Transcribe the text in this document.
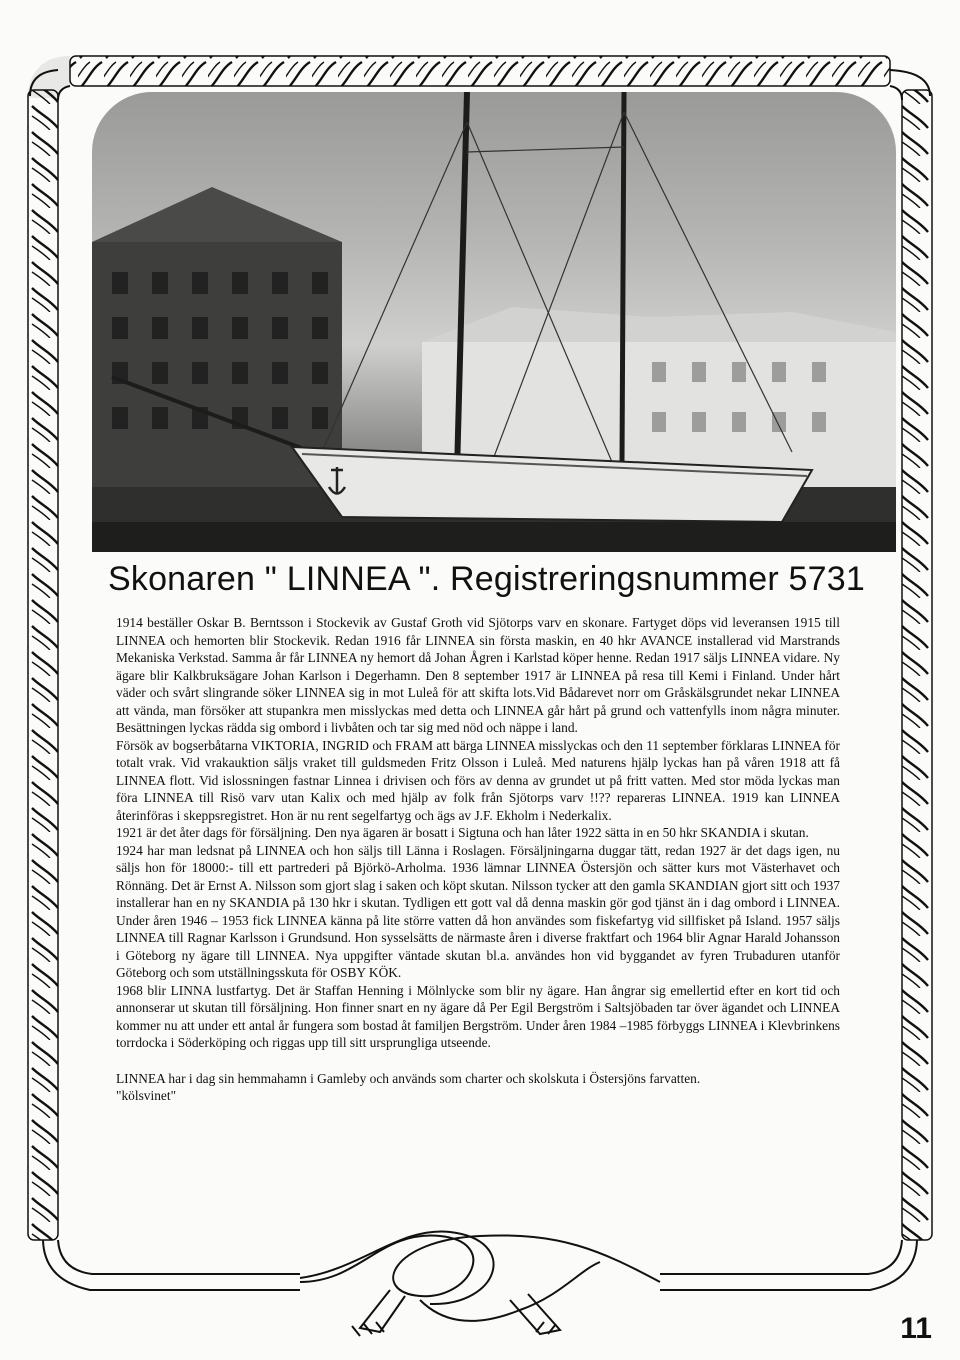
Skonaren " LINNEA ". Registreringsnummer 5731

1914 beställer Oskar B. Berntsson i Stockevik av Gustaf Groth vid Sjötorps varv en skonare. Fartyget döps vid leveransen 1915 till LINNEA och hemorten blir Stockevik. Redan 1916 får LINNEA sin första maskin, en 40 hkr AVANCE installerad vid Marstrands Mekaniska Verkstad. Samma år får LINNEA ny hemort då Johan Ågren i Karlstad köper henne. Redan 1917 säljs LINNEA vidare. Ny ägare blir Kalkbruksägare Johan Karlson i Degerhamn. Den 8 september 1917 är LINNEA på resa till Kemi i Finland. Under hårt väder och svårt slingrande söker LINNEA sig in mot Luleå för att skifta lots.Vid Bådarevet norr om Gråskälsgrundet nekar LINNEA att vända, man försöker att stupankra men misslyckas med detta och LINNEA går hårt på grund och vattenfylls inom några minuter. Besättningen lyckas rädda sig ombord i livbåten och tar sig med nöd och näppe i land.

Försök av bogserbåtarna VIKTORIA, INGRID och FRAM att bärga LINNEA misslyckas och den 11 september förklaras LINNEA för totalt vrak. Vid vrakauktion säljs vraket till guldsmeden Fritz Olsson i Luleå. Med naturens hjälp lyckas han på våren 1918 att få LINNEA flott. Vid islossningen fastnar Linnea i drivisen och förs av denna av grundet ut på fritt vatten. Med stor möda lyckas man föra LINNEA till Risö varv utan Kalix och med hjälp av folk från Sjötorps varv !!?? repareras LINNEA. 1919 kan LINNEA återinföras i skeppsregistret. Hon är nu rent segelfartyg och ägs av J.F. Ekholm i Nederkalix.

1921 är det åter dags för försäljning. Den nya ägaren är bosatt i Sigtuna och han låter 1922 sätta in en 50 hkr SKANDIA i skutan.

1924 har man ledsnat på LINNEA och hon säljs till Länna i Roslagen. Försäljningarna duggar tätt, redan 1927 är det dags igen, nu säljs hon för 18000:- till ett partrederi på Björkö-Arholma. 1936 lämnar LINNEA Östersjön och sätter kurs mot Västerhavet och Rönnäng. Det är Ernst A. Nilsson som gjort slag i saken och köpt skutan. Nilsson tycker att den gamla SKANDIAN gjort sitt och 1937 installerar han en ny SKANDIA på 130 hkr i skutan. Tydligen ett gott val då denna maskin gör god tjänst än i dag ombord i LINNEA. Under åren 1946 – 1953 fick LINNEA känna på lite större vatten då hon användes som fiskefartyg vid sillfisket på Island. 1957 säljs LINNEA till Ragnar Karlsson i Grundsund. Hon sysselsätts de närmaste åren i diverse fraktfart och 1964 blir Agnar Harald Johansson i Göteborg ny ägare till LINNEA. Nya uppgifter väntade skutan bl.a. användes hon vid byggandet av fyren Trubaduren utanför Göteborg och som utställningsskuta för OSBY KÖK.

1968 blir LINNA lustfartyg. Det är Staffan Henning i Mölnlycke som blir ny ägare. Han ångrar sig emellertid efter en kort tid och annonserar ut skutan till försäljning. Hon finner snart en ny ägare då Per Egil Bergström i Saltsjöbaden tar över ägandet och LINNEA kommer nu att under ett antal år fungera som bostad åt familjen Bergström. Under åren 1984 –1985 förbyggs LINNEA i Klevbrinkens torrdocka i Söderköping och riggas upp till sitt ursprungliga utseende.

LINNEA har i dag sin hemmahamn i Gamleby och används som charter och skolskuta i Östersjöns farvatten.

"kölsvinet"

11
